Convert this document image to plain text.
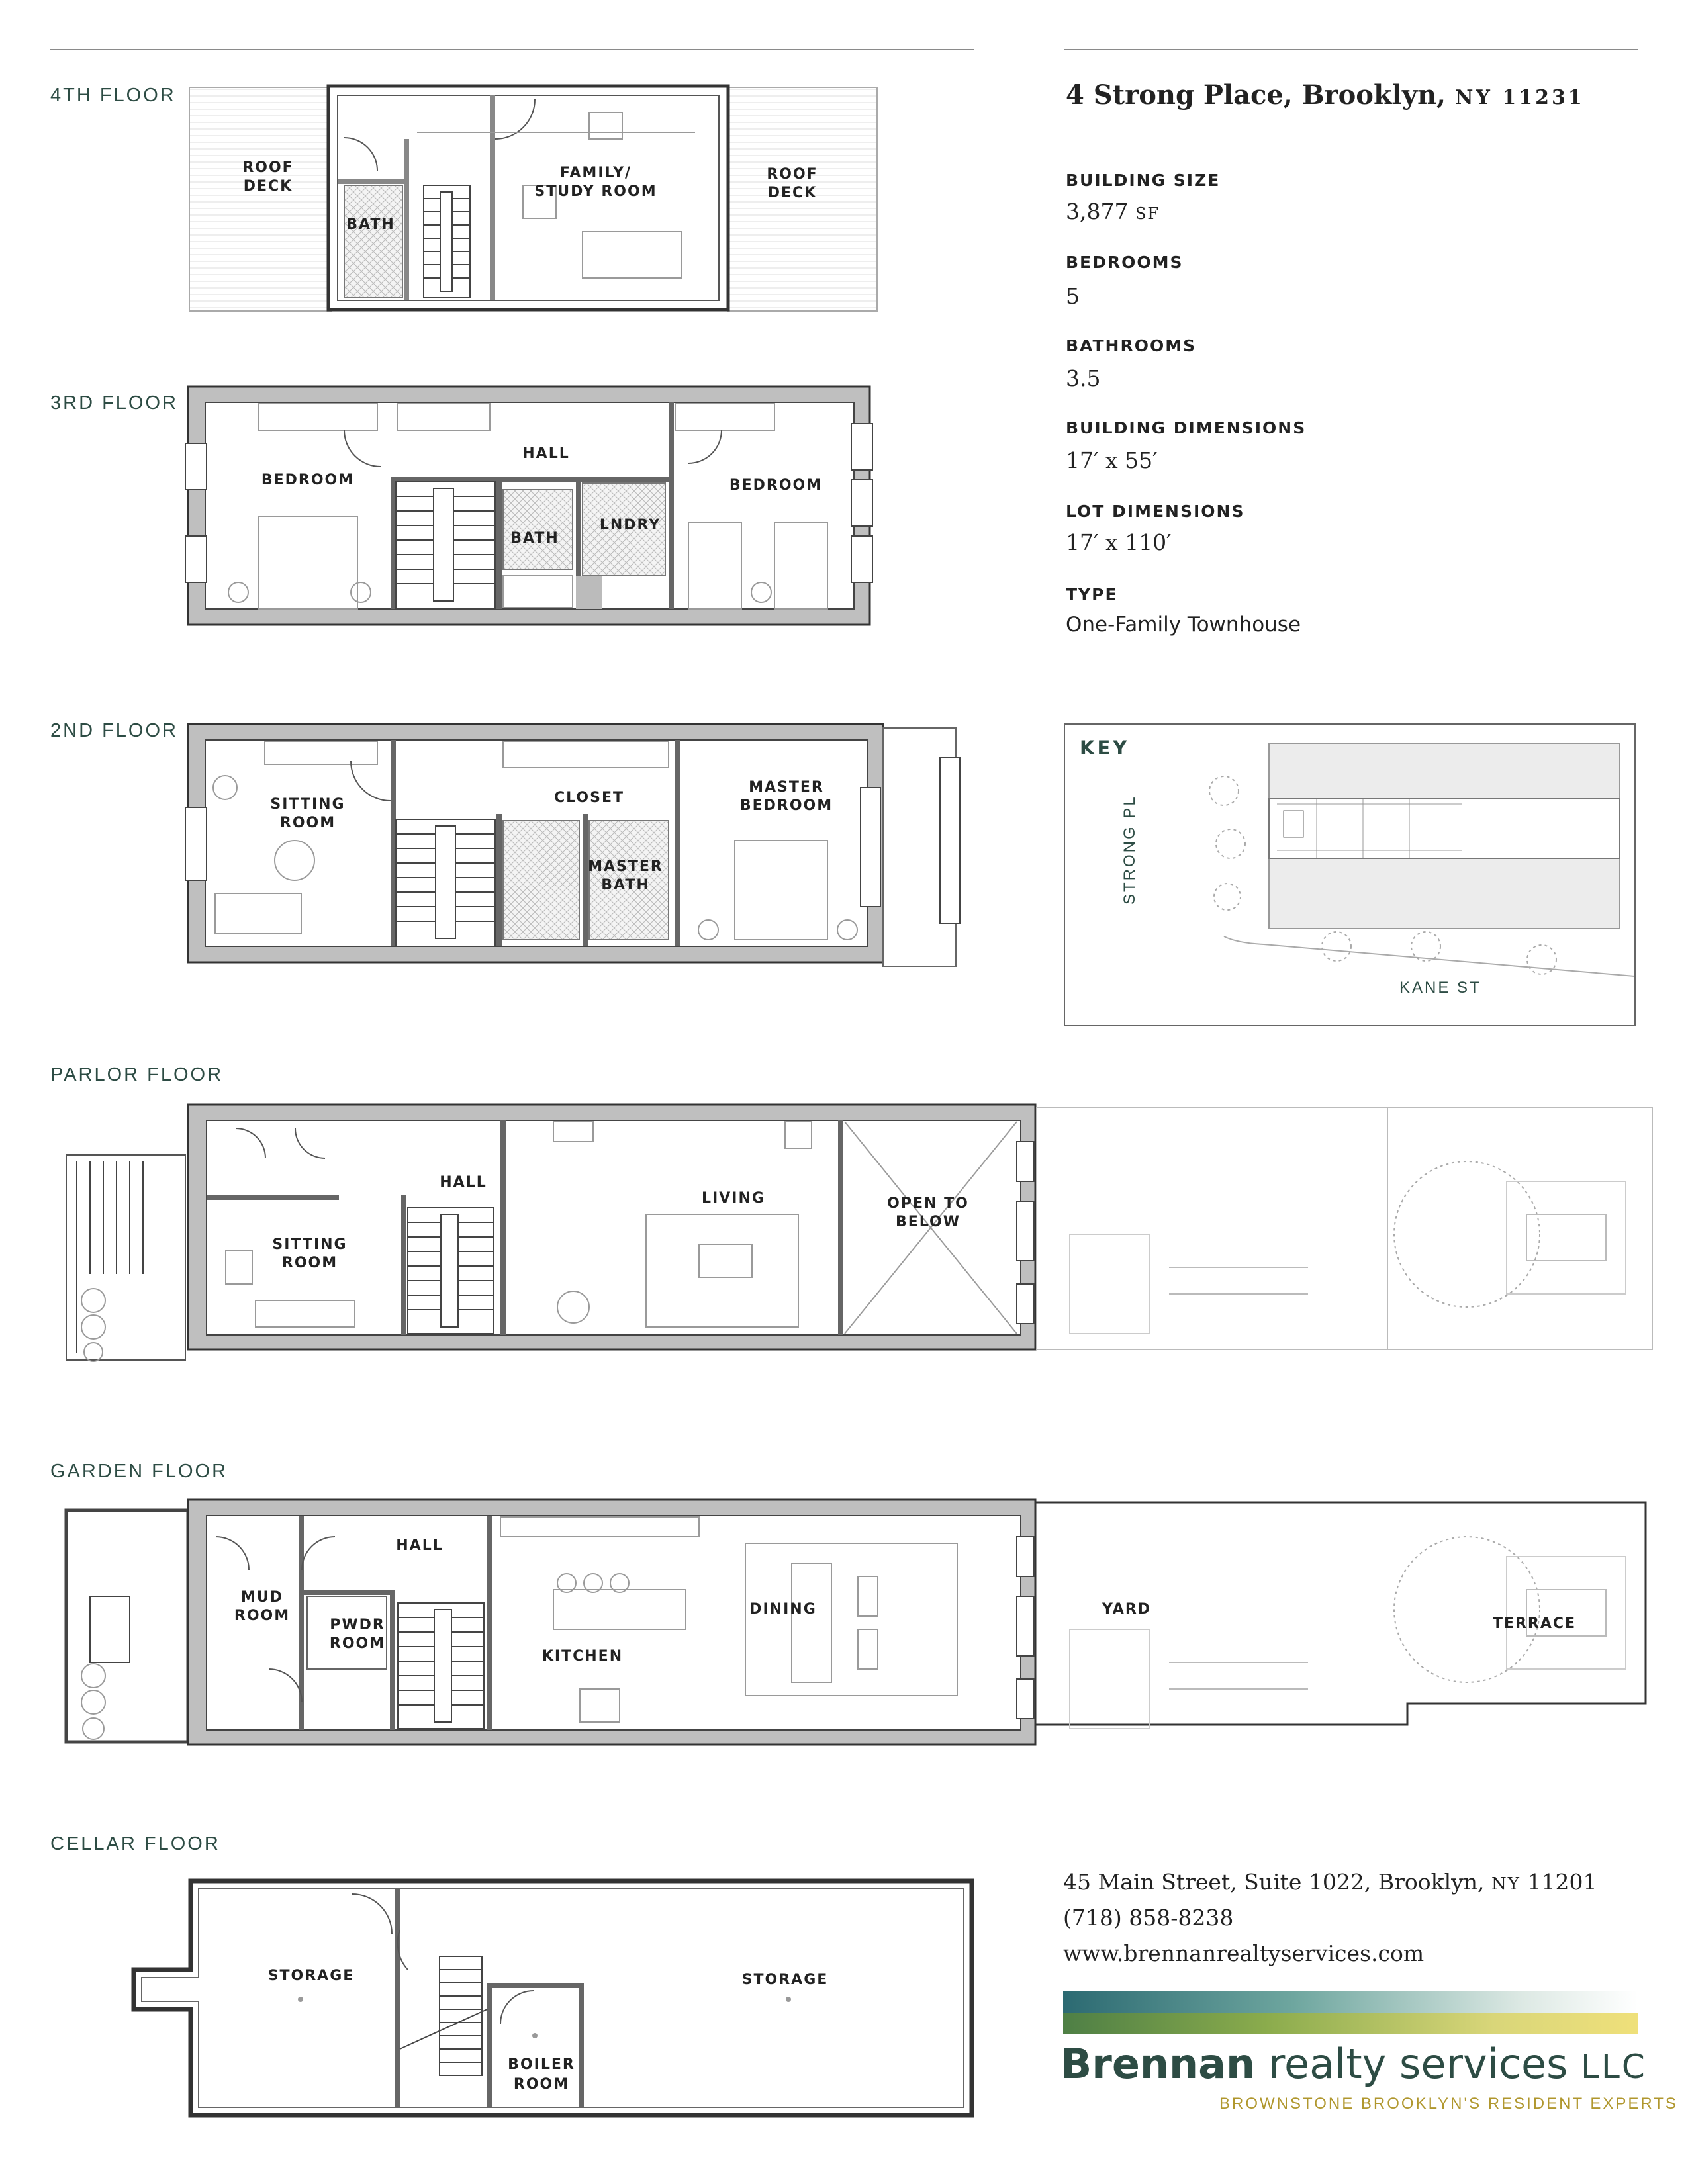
4TH FLOOR
3RD FLOOR
2ND FLOOR
PARLOR FLOOR
GARDEN FLOOR
CELLAR FLOOR
ROOF
DECK
BATH
FAMILY/
STUDY ROOM
ROOF
DECK
BEDROOM
HALL
BATH
LNDRY
BEDROOM
SITTING
ROOM
CLOSET
MASTER
BATH
MASTER
BEDROOM
HALL
SITTING
ROOM
LIVING	OPEN TO
BELOW
MUD
ROOM
HALL
PWDR
ROOM
KITCHEN
DINING	YARD
TERRACE
STORAGE
BOILER
ROOM
STORAGE
4 Strong Place, Brooklyn, NY 11231
BUILDING SIZE
3,877 SF
BEDROOMS
5
BATHROOMS
3.5
BUILDING DIMENSIONS
17′ x 55′
LOT DIMENSIONS
17′ x 110′
TYPE
One-Family Townhouse
KEY
STRONG PL
KANE ST
45 Main Street, Suite 1022, Brooklyn, NY 11201
(718) 858-8238
www.brennanrealtyservices.com
Brennan realty services LLC
BROWNSTONE BROOKLYN'S RESIDENT EXPERTS
